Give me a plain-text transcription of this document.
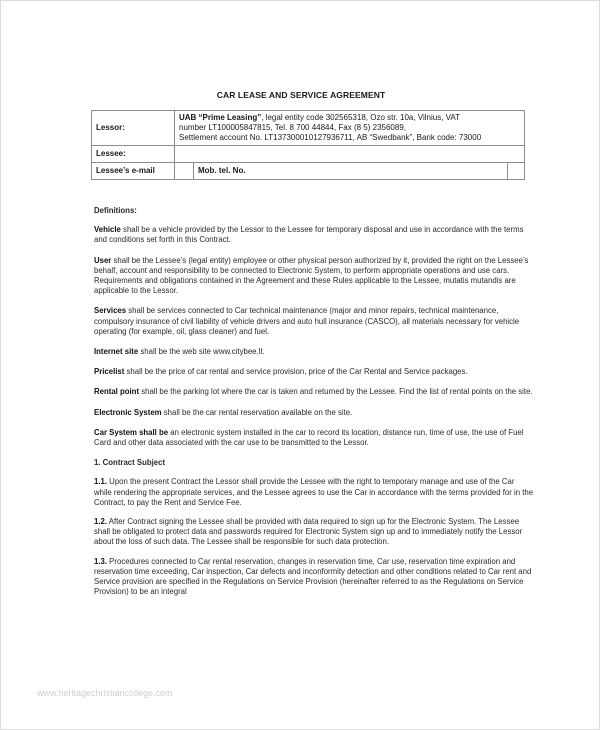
CAR LEASE AND SERVICE AGREEMENT
Lessor:	UAB “Prime Leasing”, legal entity code 302565318, Ozo str. 10a, Vilnius, VAT
number LT100005847815, Tel. 8 700 44844, Fax (8 5) 2356089,
Settlement account No. LT137300010127936711, AB “Swedbank”, Bank code: 73000		
Lessee:			
Lessee’s e-mail		Mob. tel. No.	
Definitions:
Vehicle shall be a vehicle provided by the Lessor to the Lessee for temporary disposal and use in accordance with the terms and conditions set forth in this Contract.
User shall be the Lessee’s (legal entity) employee or other physical person authorized by it, provided the right on the Lessee’s behalf, account and responsibility to be connected to Electronic System, to perform appropriate operations and use cars. Requirements and obligations contained in the Agreement and these Rules applicable to the Lessee, mutatis mutandis are applicable to the Lessor.
Services shall be services connected to Car technical maintenance (major and minor repairs, technical maintenance, compulsory insurance of civil liability of vehicle drivers and auto hull insurance (CASCO), all materials necessary for vehicle operating (for example, oil, glass cleaner) and fuel.
Internet site shall be the web site www.citybee.lt.
Pricelist shall be the price of car rental and service provision, price of the Car Rental and Service packages.
Rental point shall be the parking lot where the car is taken and returned by the Lessee. Find the list of rental points on the site.
Electronic System shall be the car rental reservation available on the site.
Car System shall be an electronic system installed in the car to record its location, distance run, time of use, the use of Fuel Card and other data associated with the car use to be transmitted to the Lessor.
1. Contract Subject
1.1. Upon the present Contract the Lessor shall provide the Lessee with the right to temporary manage and use of the Car while rendering the appropriate services, and the Lessee agrees to use the Car in accordance with the terms provided for in the Contract, to pay the Rent and Service Fee.
1.2. After Contract signing the Lessee shall be provided with data required to sign up for the Electronic System. The Lessee shall be obligated to protect data and passwords required for Electronic System sign up and to immediately notify the Lessor about the loss of such data. The Lessee shall be responsible for such data protection.
1.3. Procedures connected to Car rental reservation, changes in reservation time, Car use, reservation time expiration and reservation time exceeding, Car inspection, Car defects and inconformity detection and other conditions related to Car rent and Service provision are specified in the Regulations on Service Provision (hereinafter referred to as the Regulations on Service Provision) to be an integral
www.heritagechristiancollege.com
